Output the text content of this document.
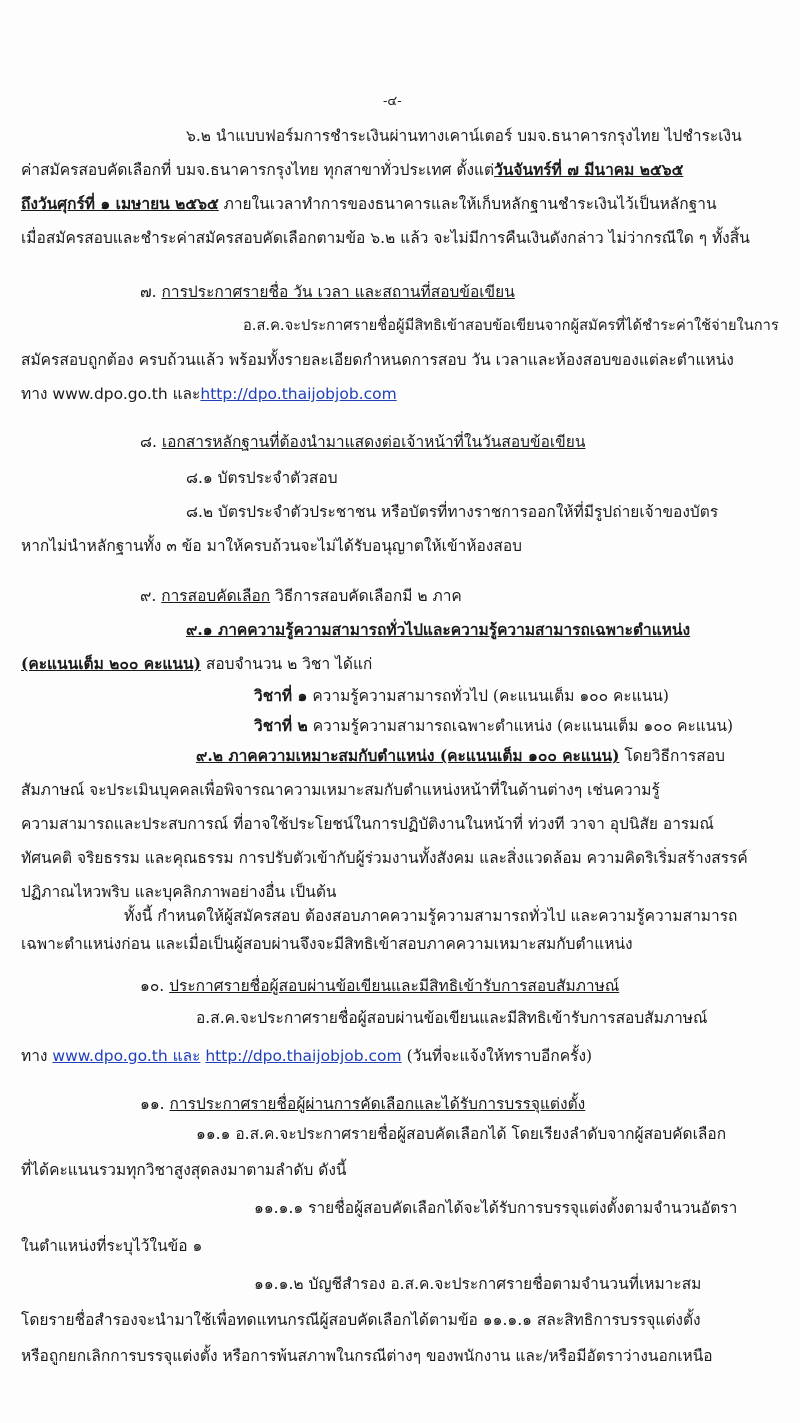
-๔-
๖.๒ นำแบบฟอร์มการชำระเงินผ่านทางเคาน์เตอร์ บมจ.ธนาคารกรุงไทย ไปชำระเงิน
ค่าสมัครสอบคัดเลือกที่ บมจ.ธนาคารกรุงไทย ทุกสาขาทั่วประเทศ ตั้งแต่วันจันทร์ที่ ๗ มีนาคม ๒๕๖๕
ถึงวันศุกร์ที่ ๑ เมษายน ๒๕๖๕ ภายในเวลาทำการของธนาคารและให้เก็บหลักฐานชำระเงินไว้เป็นหลักฐาน
เมื่อสมัครสอบและชำระค่าสมัครสอบคัดเลือกตามข้อ ๖.๒ แล้ว จะไม่มีการคืนเงินดังกล่าว ไม่ว่ากรณีใด ๆ ทั้งสิ้น
๗. การประกาศรายชื่อ วัน เวลา และสถานที่สอบข้อเขียน
อ.ส.ค.จะประกาศรายชื่อผู้มีสิทธิเข้าสอบข้อเขียนจากผู้สมัครที่ได้ชำระค่าใช้จ่ายในการ
สมัครสอบถูกต้อง ครบถ้วนแล้ว พร้อมทั้งรายละเอียดกำหนดการสอบ วัน เวลาและห้องสอบของแต่ละตำแหน่ง
ทาง www.dpo.go.th และhttp://dpo.thaijobjob.com
๘. เอกสารหลักฐานที่ต้องนำมาแสดงต่อเจ้าหน้าที่ในวันสอบข้อเขียน
๘.๑ บัตรประจำตัวสอบ
๘.๒ บัตรประจำตัวประชาชน หรือบัตรที่ทางราชการออกให้ที่มีรูปถ่ายเจ้าของบัตร
หากไม่นำหลักฐานทั้ง ๓ ข้อ มาให้ครบถ้วนจะไม่ได้รับอนุญาตให้เข้าห้องสอบ
๙. การสอบคัดเลือก วิธีการสอบคัดเลือกมี ๒ ภาค
๙.๑ ภาคความรู้ความสามารถทั่วไปและความรู้ความสามารถเฉพาะตำแหน่ง
(คะแนนเต็ม ๒๐๐ คะแนน) สอบจำนวน ๒ วิชา ได้แก่
วิชาที่ ๑ ความรู้ความสามารถทั่วไป (คะแนนเต็ม ๑๐๐ คะแนน)
วิชาที่ ๒ ความรู้ความสามารถเฉพาะตำแหน่ง (คะแนนเต็ม ๑๐๐ คะแนน)
๙.๒ ภาคความเหมาะสมกับตำแหน่ง (คะแนนเต็ม ๑๐๐ คะแนน) โดยวิธีการสอบ
สัมภาษณ์ จะประเมินบุคคลเพื่อพิจารณาความเหมาะสมกับตำแหน่งหน้าที่ในด้านต่างๆ เช่นความรู้
ความสามารถและประสบการณ์ ที่อาจใช้ประโยชน์ในการปฏิบัติงานในหน้าที่ ท่วงที วาจา อุปนิสัย อารมณ์
ทัศนคติ จริยธรรม และคุณธรรม การปรับตัวเข้ากับผู้ร่วมงานทั้งสังคม และสิ่งแวดล้อม ความคิดริเริ่มสร้างสรรค์
ปฏิภาณไหวพริบ และบุคลิกภาพอย่างอื่น เป็นต้น
ทั้งนี้ กำหนดให้ผู้สมัครสอบ ต้องสอบภาคความรู้ความสามารถทั่วไป และความรู้ความสามารถ
เฉพาะตำแหน่งก่อน และเมื่อเป็นผู้สอบผ่านจึงจะมีสิทธิเข้าสอบภาคความเหมาะสมกับตำแหน่ง
๑๐. ประกาศรายชื่อผู้สอบผ่านข้อเขียนและมีสิทธิเข้ารับการสอบสัมภาษณ์
อ.ส.ค.จะประกาศรายชื่อผู้สอบผ่านข้อเขียนและมีสิทธิเข้ารับการสอบสัมภาษณ์
ทาง www.dpo.go.th และ http://dpo.thaijobjob.com (วันที่จะแจ้งให้ทราบอีกครั้ง)
๑๑. การประกาศรายชื่อผู้ผ่านการคัดเลือกและได้รับการบรรจุแต่งตั้ง
๑๑.๑ อ.ส.ค.จะประกาศรายชื่อผู้สอบคัดเลือกได้ โดยเรียงลำดับจากผู้สอบคัดเลือก
ที่ได้คะแนนรวมทุกวิชาสูงสุดลงมาตามลำดับ ดังนี้
๑๑.๑.๑ รายชื่อผู้สอบคัดเลือกได้จะได้รับการบรรจุแต่งตั้งตามจำนวนอัตรา
ในตำแหน่งที่ระบุไว้ในข้อ ๑
๑๑.๑.๒ บัญชีสำรอง อ.ส.ค.จะประกาศรายชื่อตามจำนวนที่เหมาะสม
โดยรายชื่อสำรองจะนำมาใช้เพื่อทดแทนกรณีผู้สอบคัดเลือกได้ตามข้อ ๑๑.๑.๑ สละสิทธิการบรรจุแต่งตั้ง
หรือถูกยกเลิกการบรรจุแต่งตั้ง หรือการพ้นสภาพในกรณีต่างๆ ของพนักงาน และ/หรือมีอัตราว่างนอกเหนือ
